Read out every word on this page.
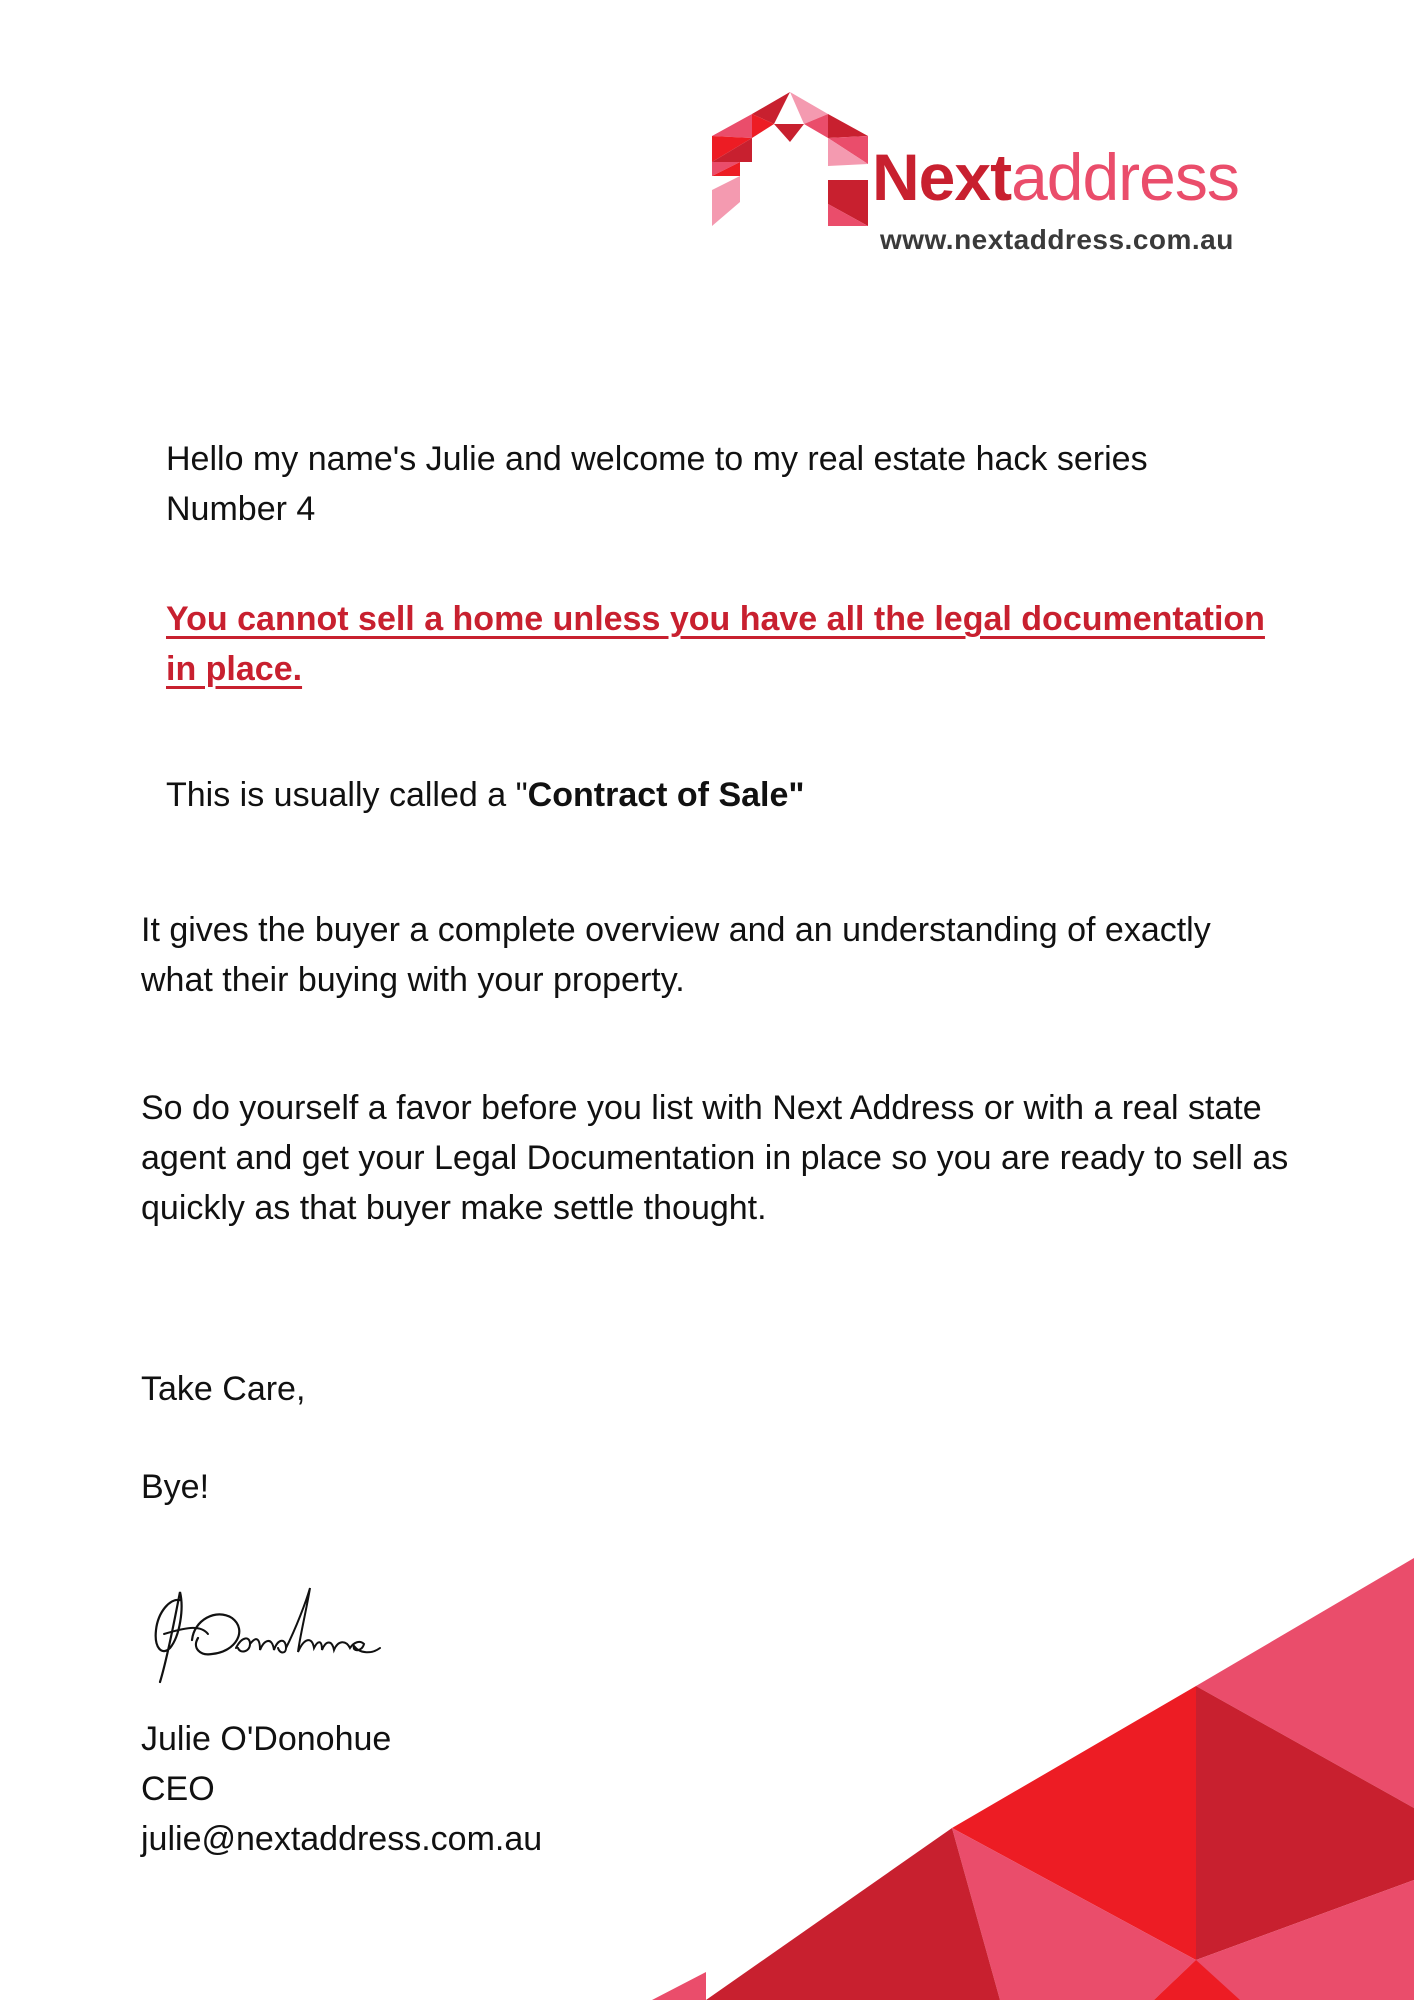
Nextaddress
www.nextaddress.com.au

Hello my name's Julie and welcome to my real estate hack series Number 4

You cannot sell a home unless you have all the legal documentation in place.

This is usually called a "Contract of Sale"

It gives the buyer a complete overview and an understanding of exactly what their buying with your property.

So do yourself a favor before you list with Next Address or with a real state agent and get your Legal Documentation in place so you are ready to sell as quickly as that buyer make settle thought.

Take Care,

Bye!

Julie O'Donohue
CEO
julie@nextaddress.com.au
